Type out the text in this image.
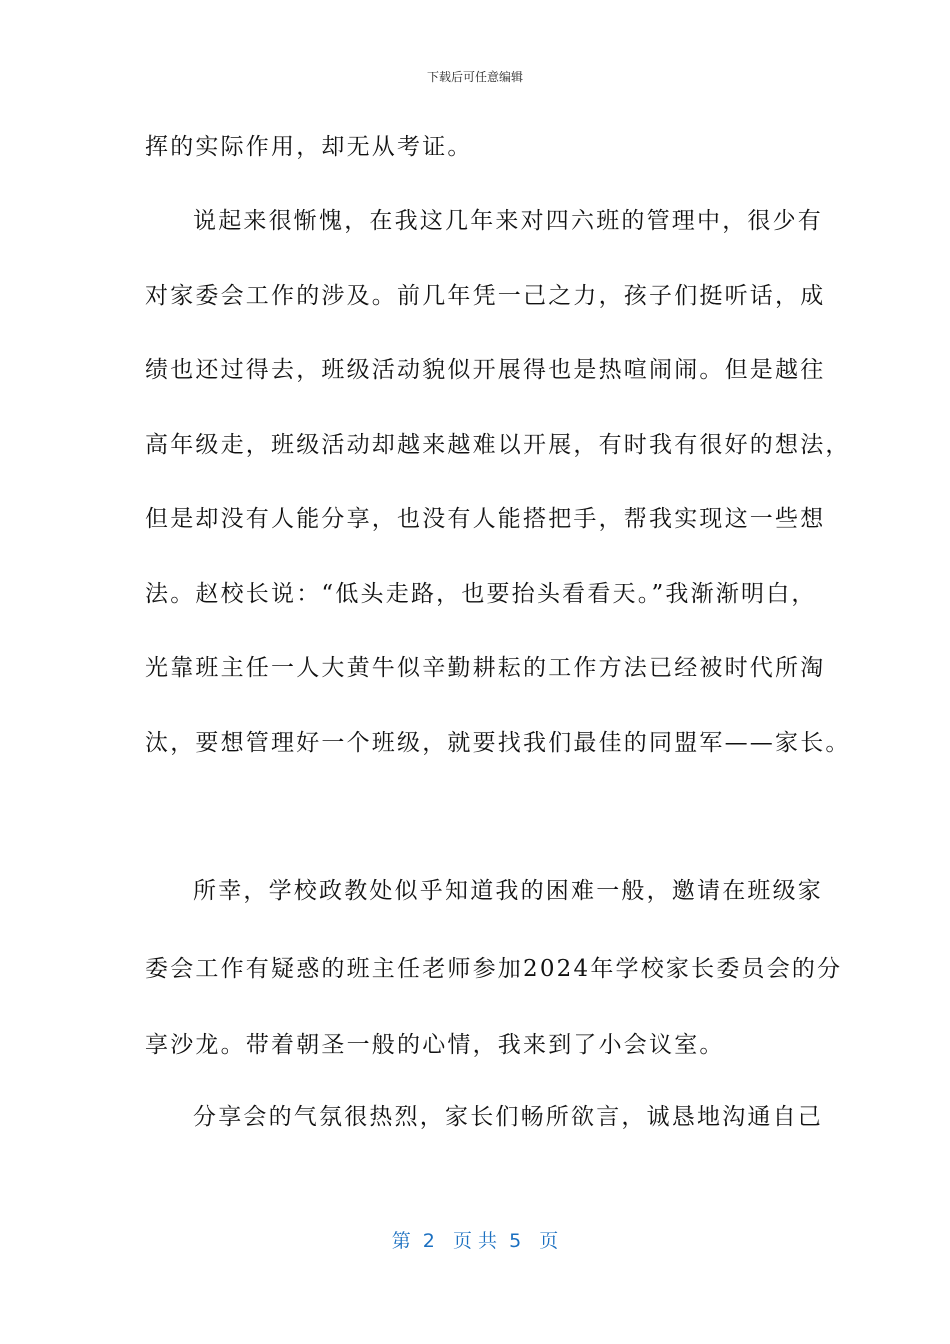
下载后可任意编辑
挥的实际作用，却无从考证。
说起来很惭愧，在我这几年来对四六班的管理中，很少有
对家委会工作的涉及。前几年凭一己之力，孩子们挺听话，成
绩也还过得去，班级活动貌似开展得也是热喧闹闹。但是越往
高年级走，班级活动却越来越难以开展，有时我有很好的想法，
但是却没有人能分享，也没有人能搭把手，帮我实现这一些想
法。赵校长说：“低头走路，也要抬头看看天。”我渐渐明白，
光靠班主任一人大黄牛似辛勤耕耘的工作方法已经被时代所淘
汰，要想管理好一个班级，就要找我们最佳的同盟军——家长。
所幸，学校政教处似乎知道我的困难一般，邀请在班级家
委会工作有疑惑的班主任老师参加2024年学校家长委员会的分
享沙龙。带着朝圣一般的心情，我来到了小会议室。
分享会的气氛很热烈，家长们畅所欲言，诚恳地沟通自己
第  2   页 共  5   页
